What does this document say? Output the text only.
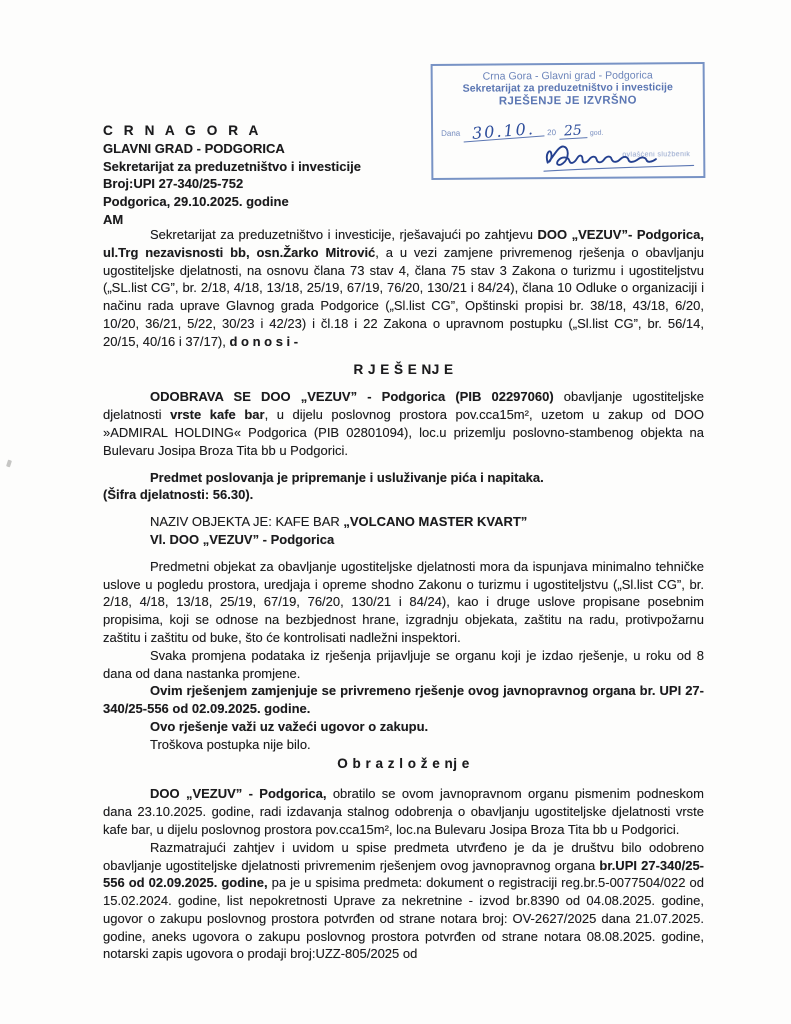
C R N A G O R A
GLAVNI GRAD - PODGORICA
Sekretarijat za preduzetništvo i investicije
Broj:UPI 27-340/25-752
Podgorica, 29.10.2025. godine
AM
Crna Gora - Glavni grad - Podgorica
Sekretarijat za preduzetništvo i investicije
RJEŠENJE JE IZVRŠNO
Dana 30.10.	20 25	god.
ovlašćeni službenik

Sekretarijat za preduzetništvo i investicije, rješavajući po zahtjevu DOO „VEZUV”- Podgorica, ul.Trg nezavisnosti bb, osn.Žarko Mitrović, a u vezi zamjene privremenog rješenja o obavljanju ugostiteljske djelatnosti, na osnovu člana 73 stav 4, člana 75 stav 3 Zakona o turizmu i ugostiteljstvu („SL.list CG”, br. 2/18, 4/18, 13/18, 25/19, 67/19, 76/20, 130/21 i 84/24), člana 10 Odluke o organizaciji i načinu rada uprave Glavnog grada Podgorice („Sl.list CG”, Opštinski propisi br. 38/18, 43/18, 6/20, 10/20, 36/21, 5/22, 30/23 i 42/23) i čl.18 i 22 Zakona o upravnom postupku („Sl.list CG”, br. 56/14, 20/15, 40/16 i 37/17), d o n o s i -

R J E Š E NJ E

ODOBRAVA SE DOO „VEZUV” - Podgorica (PIB 02297060) obavljanje ugostiteljske djelatnosti vrste kafe bar, u dijelu poslovnog prostora pov.cca15m², uzetom u zakup od DOO »ADMIRAL HOLDING« Podgorica (PIB 02801094), loc.u prizemlju poslovno-stambenog objekta na Bulevaru Josipa Broza Tita bb u Podgorici.

Predmet poslovanja je pripremanje i usluživanje pića i napitaka.

(Šifra djelatnosti: 56.30).

NAZIV OBJEKTA JE: KAFE BAR „VOLCANO MASTER KVART”

Vl. DOO „VEZUV” - Podgorica

Predmetni objekat za obavljanje ugostiteljske djelatnosti mora da ispunjava minimalno tehničke uslove u pogledu prostora, uredjaja i opreme shodno Zakonu o turizmu i ugostiteljstvu („Sl.list CG”, br. 2/18, 4/18, 13/18, 25/19, 67/19, 76/20, 130/21 i 84/24), kao i druge uslove propisane posebnim propisima, koji se odnose na bezbjednost hrane, izgradnju objekata, zaštitu na radu, protivpožarnu zaštitu i zaštitu od buke, što će kontrolisati nadležni inspektori.

Svaka promjena podataka iz rješenja prijavljuje se organu koji je izdao rješenje, u roku od 8 dana od dana nastanka promjene.

Ovim rješenjem zamjenjuje se privremeno rješenje ovog javnopravnog organa br. UPI 27-340/25-556 od 02.09.2025. godine.

Ovo rješenje važi uz važeći ugovor o zakupu.

Troškova postupka nije bilo.

O b r a z l o ž e nj e

DOO „VEZUV” - Podgorica, obratilo se ovom javnopravnom organu pismenim podneskom dana 23.10.2025. godine, radi izdavanja stalnog odobrenja o obavljanju ugostiteljske djelatnosti vrste kafe bar, u dijelu poslovnog prostora pov.cca15m², loc.na Bulevaru Josipa Broza Tita bb u Podgorici.

Razmatrajući zahtjev i uvidom u spise predmeta utvrđeno je da je društvu bilo odobreno obavljanje ugostiteljske djelatnosti privremenim rješenjem ovog javnopravnog organa br.UPI 27-340/25-556 od 02.09.2025. godine, pa je u spisima predmeta: dokument o registraciji reg.br.5-0077504/022 od 15.02.2024. godine, list nepokretnosti Uprave za nekretnine - izvod br.8390 od 04.08.2025. godine, ugovor o zakupu poslovnog prostora potvrđen od strane notara broj: OV-2627/2025 dana 21.07.2025. godine, aneks ugovora o zakupu poslovnog prostora potvrđen od strane notara 08.08.2025. godine, notarski zapis ugovora o prodaji broj:UZZ-805/2025 od
